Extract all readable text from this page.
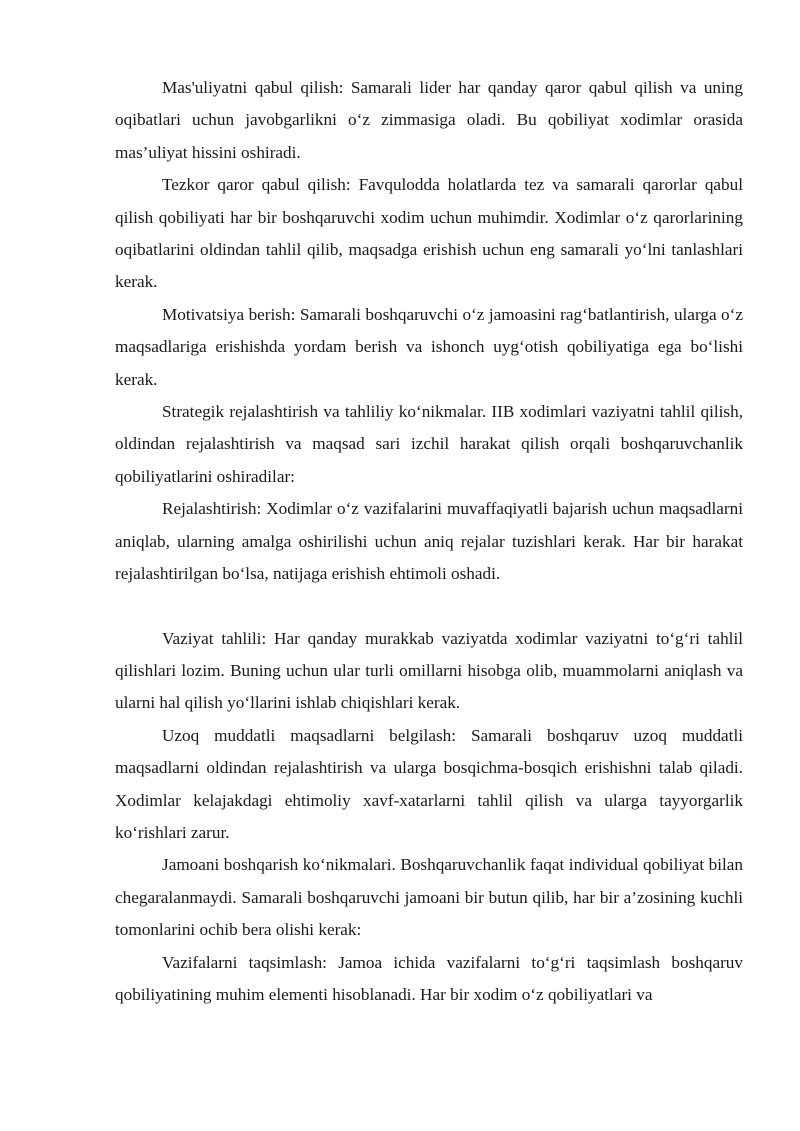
Mas'uliyatni qabul qilish: Samarali lider har qanday qaror qabul qilish va uning oqibatlari uchun javobgarlikni o‘z zimmasiga oladi. Bu qobiliyat xodimlar orasida mas’uliyat hissini oshiradi.

Tezkor qaror qabul qilish: Favqulodda holatlarda tez va samarali qarorlar qabul qilish qobiliyati har bir boshqaruvchi xodim uchun muhimdir. Xodimlar o‘z qarorlarining oqibatlarini oldindan tahlil qilib, maqsadga erishish uchun eng samarali yo‘lni tanlashlari kerak.

Motivatsiya berish: Samarali boshqaruvchi o‘z jamoasini rag‘batlantirish, ularga o‘z maqsadlariga erishishda yordam berish va ishonch uyg‘otish qobiliyatiga ega bo‘lishi kerak.

Strategik rejalashtirish va tahliliy ko‘nikmalar. IIB xodimlari vaziyatni tahlil qilish, oldindan rejalashtirish va maqsad sari izchil harakat qilish orqali boshqaruvchanlik qobiliyatlarini oshiradilar:

Rejalashtirish: Xodimlar o‘z vazifalarini muvaffaqiyatli bajarish uchun maqsadlarni aniqlab, ularning amalga oshirilishi uchun aniq rejalar tuzishlari kerak. Har bir harakat rejalashtirilgan bo‘lsa, natijaga erishish ehtimoli oshadi.

Vaziyat tahlili: Har qanday murakkab vaziyatda xodimlar vaziyatni to‘g‘ri tahlil qilishlari lozim. Buning uchun ular turli omillarni hisobga olib, muammolarni aniqlash va ularni hal qilish yo‘llarini ishlab chiqishlari kerak.

Uzoq muddatli maqsadlarni belgilash: Samarali boshqaruv uzoq muddatli maqsadlarni oldindan rejalashtirish va ularga bosqichma-bosqich erishishni talab qiladi. Xodimlar kelajakdagi ehtimoliy xavf-xatarlarni tahlil qilish va ularga tayyorgarlik ko‘rishlari zarur.

Jamoani boshqarish ko‘nikmalari. Boshqaruvchanlik faqat individual qobiliyat bilan chegaralanmaydi. Samarali boshqaruvchi jamoani bir butun qilib, har bir a’zosining kuchli tomonlarini ochib bera olishi kerak:

Vazifalarni taqsimlash: Jamoa ichida vazifalarni to‘g‘ri taqsimlash boshqaruv qobiliyatining muhim elementi hisoblanadi. Har bir xodim o‘z qobiliyatlari va
